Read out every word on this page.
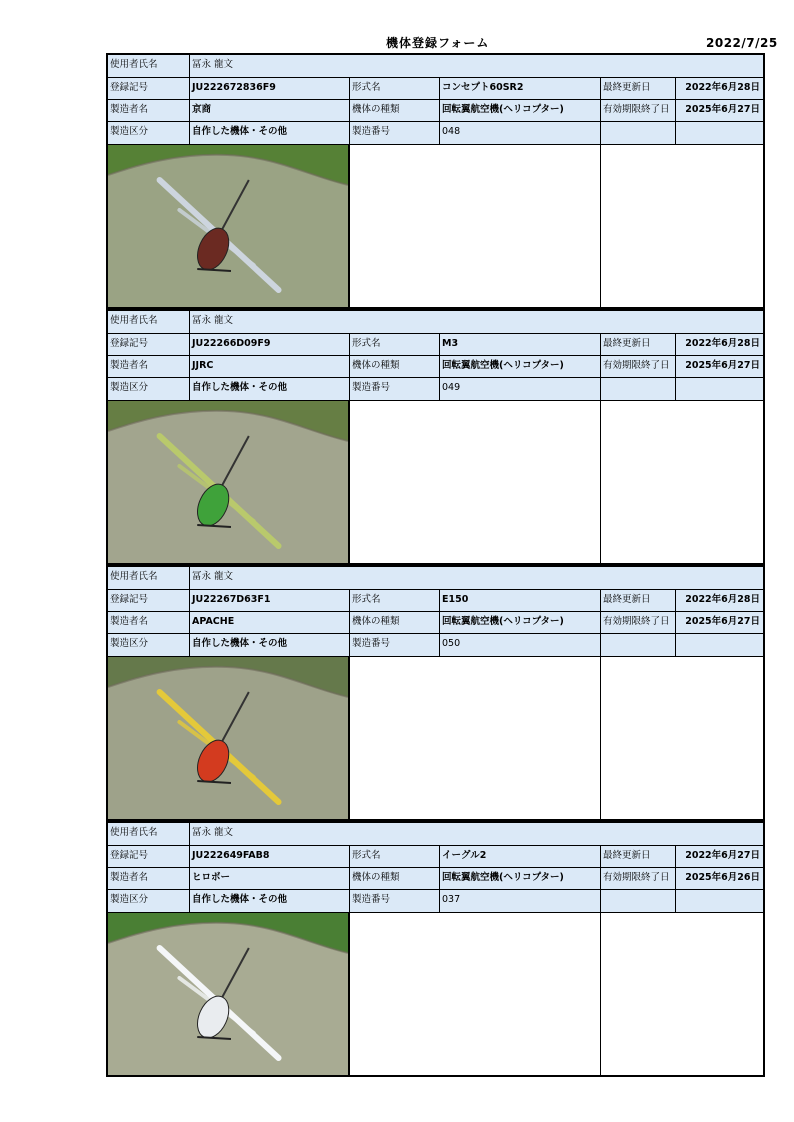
機体登録フォーム	2022/7/25
使用者氏名	冨永 龍文
登録記号	JU222672836F9	形式名	コンセプト60SR2	最終更新日	2022年6月28日
製造者名	京商	機体の種類	回転翼航空機(ヘリコプター)	有効期限終了日	2025年6月27日
製造区分	自作した機体・その他	製造番号	048
使用者氏名	冨永 龍文
登録記号	JU22266D09F9	形式名	M3	最終更新日	2022年6月28日
製造者名	JJRC	機体の種類	回転翼航空機(ヘリコプター)	有効期限終了日	2025年6月27日
製造区分	自作した機体・その他	製造番号	049
使用者氏名	冨永 龍文
登録記号	JU22267D63F1	形式名	E150	最終更新日	2022年6月28日
製造者名	APACHE	機体の種類	回転翼航空機(ヘリコプター)	有効期限終了日	2025年6月27日
製造区分	自作した機体・その他	製造番号	050
使用者氏名	冨永 龍文
登録記号	JU222649FAB8	形式名	イーグル2	最終更新日	2022年6月27日
製造者名	ヒロボー	機体の種類	回転翼航空機(ヘリコプター)	有効期限終了日	2025年6月26日
製造区分	自作した機体・その他	製造番号	037
